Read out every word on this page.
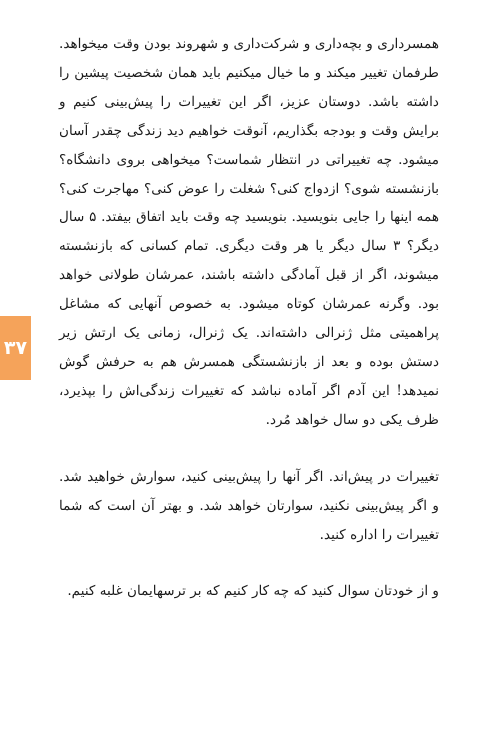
۳۷

همسرداری و بچه‌داری و شرکت‌داری و شهروند بودن وقت میخواهد. طرفمان تغییر میکند و ما خیال میکنیم باید همان شخصیت پیشین را داشته باشد. دوستان عزیز، اگر این تغییرات را پیش‌بینی کنیم و برایش وقت و بودجه بگذاریم، آنوقت خواهیم دید زندگی چقدر آسان میشود. چه تغییراتی در انتظار شماست؟ میخواهی بروی دانشگاه؟ بازنشسته شوی؟ ازدواج کنی؟ شغلت را عوض کنی؟ مهاجرت کنی؟ همه اینها را جایی بنویسید. بنویسید چه وقت باید اتفاق بیفتد. ۵ سال دیگر؟ ۳ سال دیگر یا هر وقت دیگری. تمام کسانی که بازنشسته میشوند، اگر از قبل آمادگی داشته باشند، عمرشان طولانی خواهد بود. وگرنه عمرشان کوتاه میشود. به خصوص آنهایی که مشاغل پراهمیتی مثل ژنرالی داشته‌اند. یک ژنرال، زمانی یک ارتش زیر دستش بوده و بعد از بازنشستگی همسرش هم به حرفش گوش نمیدهد! این آدم اگر آماده نباشد که تغییرات زندگی‌اش را بپذیرد، ظرف یکی دو سال خواهد مُرد.

تغییرات در پیش‌اند. اگر آنها را پیش‌بینی کنید، سوارش خواهید شد. و اگر پیش‌بینی نکنید، سوارتان خواهد شد. و بهتر آن است که شما تغییرات را اداره کنید.

و از خودتان سوال کنید که چه کار کنیم که بر ترسهایمان غلبه کنیم.
